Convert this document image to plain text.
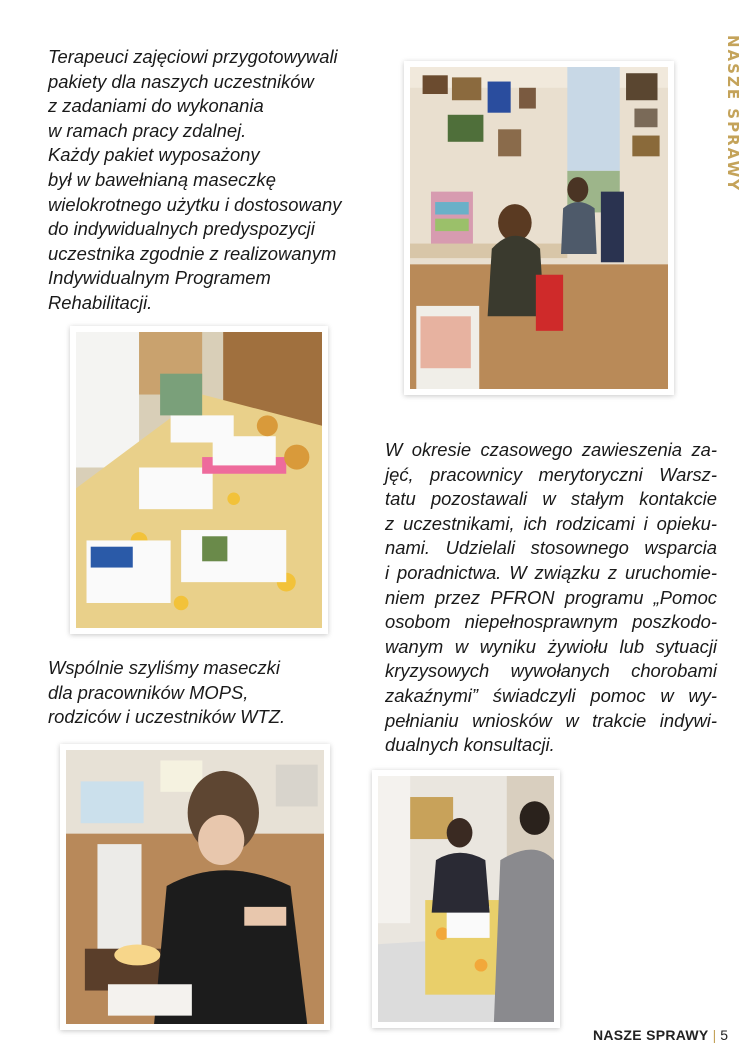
NASZE SPRAWY
Terapeuci zajęciowi przygotowywali
pakiety dla naszych uczestników
z zadaniami do wykonania
w ramach pracy zdalnej.
Każdy pakiet wyposażony
był w bawełnianą maseczkę
wielokrotnego użytku i dostosowany
do indywidualnych predyspozycji
uczestnika zgodnie z realizowanym
Indywidualnym Programem
Rehabilitacji.
W okresie czasowego zawieszenia za-
jęć, pracownicy merytoryczni Warsz-
tatu pozostawali w stałym kontakcie
z uczestnikami, ich rodzicami i opieku-
nami. Udzielali stosownego wsparcia
i poradnictwa. W związku z uruchomie-
niem przez PFRON programu „Pomoc
osobom niepełnosprawnym poszkodo-
wanym w wyniku żywiołu lub sytuacji
kryzysowych wywołanych chorobami
zakaźnymi” świadczyli pomoc w wy-
pełnianiu wniosków w trakcie indywi-
dualnych konsultacji.
Wspólnie szyliśmy maseczki
dla pracowników MOPS,
rodziców i uczestników WTZ.
NASZE SPRAWY | 5
